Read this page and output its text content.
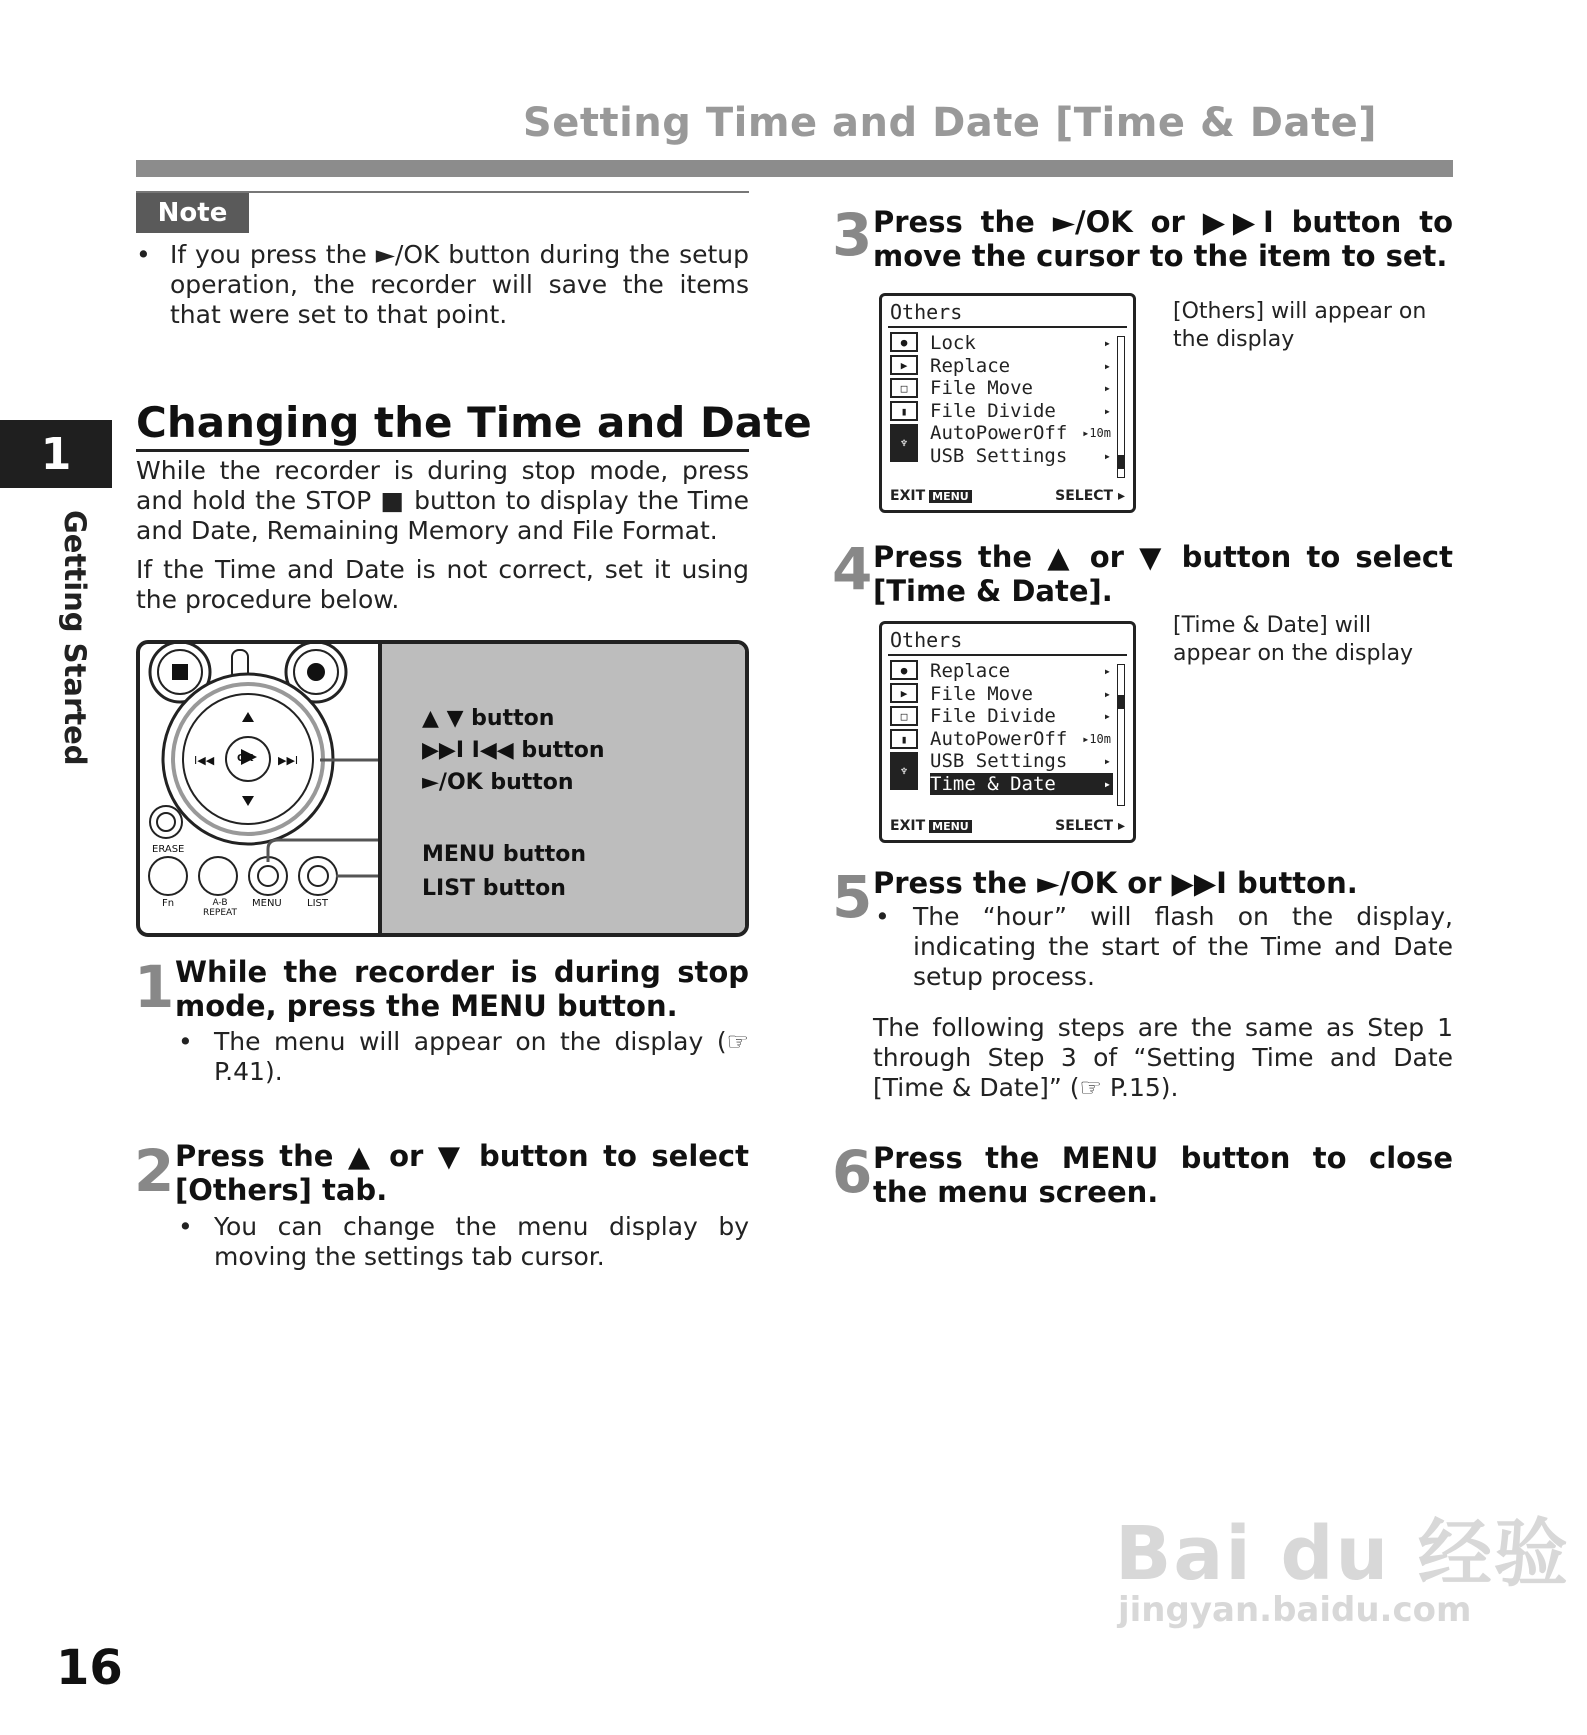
Setting Time and Date [Time & Date]
1
Getting Started
Note
• If you press the ►/OK button during the setup operation, the recorder will save the items that were set to that point.
Changing the Time and Date
While the recorder is during stop mode, press and hold the STOP ■ button to display the Time and Date, Remaining Memory and File Format.
If the Time and Date is not correct, set it using the procedure below.
I◀◀	▶▶I
OK
ERASE
Fn	A-B REPEAT
MENU	LIST
▲ ▼ button
▶▶I I◀◀ button
►/OK button
MENU button
LIST button
1 While the recorder is during stop mode, press the MENU button.
• The menu will appear on the display (☞ P.41).
2 Press the ▲ or ▼ button to select [Others] tab.
• You can change the menu display by moving the settings tab cursor.
3 Press the ►/OK or ▶▶I button to move the cursor to the item to set.
Others
●
▶
□
▮
♆
Lock	▸
Replace	▸
File Move	▸
File Divide	▸
AutoPowerOff ▸10m
USB Settings	▸
EXIT MENU	SELECT ▸
[Others] will appear on the display
4 Press the ▲ or ▼ button to select [Time & Date].
Others
●
▶
□
▮
♆
Replace	▸
File Move	▸
File Divide	▸
AutoPowerOff ▸10m
USB Settings	▸
Time & Date	▸
EXIT MENU	SELECT ▸
[Time & Date] will appear on the display
5 Press the ►/OK or ▶▶I button.
• The “hour” will flash on the display, indicating the start of the Time and Date setup process.
The following steps are the same as Step 1 through Step 3 of “Setting Time and Date [Time & Date]” (☞ P.15).
6 Press the MENU button to close the menu screen.
16
Bai du 经验
jingyan.baidu.com
